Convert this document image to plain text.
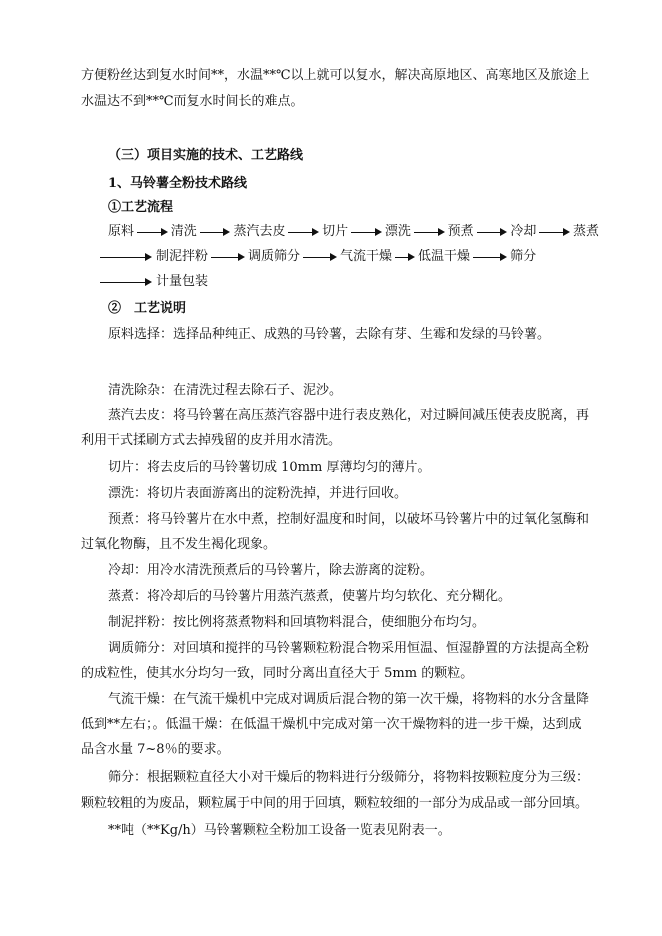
方便粉丝达到复水时间**，水温**℃以上就可以复水，解决高原地区、高寒地区及旅途上
水温达不到**℃而复水时间长的难点。
（三）项目实施的技术、工艺路线
1、马铃薯全粉技术路线
①工艺流程
原料	清洗	蒸汽去皮	切片	漂洗	预煮	冷却	蒸煮
制泥拌粉	调质筛分	气流干燥 低温干燥	筛分
计量包装
②　工艺说明
原料选择：选择品种纯正、成熟的马铃薯，去除有芽、生霉和发绿的马铃薯。
清洗除杂：在清洗过程去除石子、泥沙。
蒸汽去皮：将马铃薯在高压蒸汽容器中进行表皮熟化，对过瞬间减压使表皮脱离，再
利用干式揉刷方式去掉残留的皮并用水清洗。
切片：将去皮后的马铃薯切成 10mm 厚薄均匀的薄片。
漂洗：将切片表面游离出的淀粉洗掉，并进行回收。
预煮：将马铃薯片在水中煮，控制好温度和时间，以破坏马铃薯片中的过氧化氢酶和
过氧化物酶，且不发生褐化现象。
冷却：用冷水清洗预煮后的马铃薯片，除去游离的淀粉。
蒸煮：将冷却后的马铃薯片用蒸汽蒸煮，使薯片均匀软化、充分糊化。
制泥拌粉：按比例将蒸煮物料和回填物料混合，使细胞分布均匀。
调质筛分：对回填和搅拌的马铃薯颗粒粉混合物采用恒温、恒湿静置的方法提高全粉
的成粒性，使其水分均匀一致，同时分离出直径大于 5mm 的颗粒。
气流干燥：在气流干燥机中完成对调质后混合物的第一次干燥，将物料的水分含量降
低到**左右；。低温干燥：在低温干燥机中完成对第一次干燥物料的进一步干燥，达到成
品含水量 7~8％的要求。
筛分：根据颗粒直径大小对干燥后的物料进行分级筛分，将物料按颗粒度分为三级：
颗粒较粗的为废品，颗粒属于中间的用于回填，颗粒较细的一部分为成品或一部分回填。
**吨（**Kg/h）马铃薯颗粒全粉加工设备一览表见附表一。
